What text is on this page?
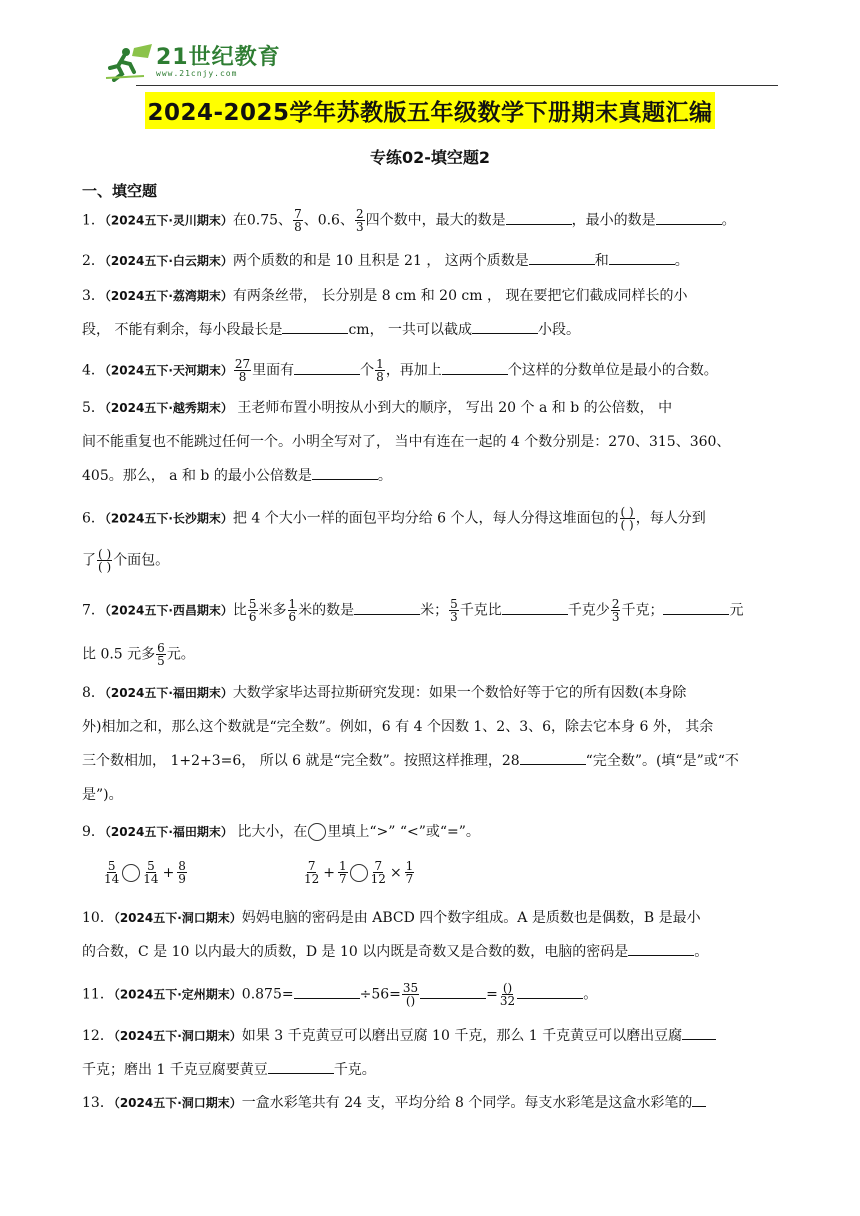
21世纪教育
www.21cnjy.com
2024-2025学年苏教版五年级数学下册期末真题汇编
专练02-填空题2
一、填空题
1．（2024五下·灵川期末）在0.75、 $\frac{7}{8}$ 、0.6、 $\frac{2}{3}$ 四个数中，最大的数是	，最小的数是	。
2．（2024五下·白云期末）两个质数的和是 10 且积是 21 ， 这两个质数是	和	。
3．（2024五下·荔湾期末）有两条丝带， 长分别是 8 cm 和 20 cm ， 现在要把它们截成同样长的小
段， 不能有剩余，每小段最长是	cm， 一共可以截成	小段。
4．（2024五下·天河期末） $\frac{27}{8}$ 里面有	个 $\frac{1}{8}$ ，再加上	个这样的分数单位是最小的合数。
5．（2024五下·越秀期末） 王老师布置小明按从小到大的顺序， 写出 20 个 a 和 b 的公倍数， 中
间不能重复也不能跳过任何一个。小明全写对了， 当中有连在一起的 4 个数分别是：270、315、360、
405。那么， a 和 b 的最小公倍数是	。
6．（2024五下·长沙期末）把 4 个大小一样的面包平均分给 6 个人，每人分得这堆面包的 $\frac{( )}{( )}$ ，每人分到
了 $\frac{( )}{( )}$ 个面包。
7．（2024五下·西昌期末）比 $\frac{5}{6}$ 米多 $\frac{1}{6}$ 米的数是	米； $\frac{5}{3}$ 千克比	千克少 $\frac{2}{3}$ 千克；	元
比 0.5 元多 $\frac{6}{5}$ 元。
8．（2024五下·福田期末）大数学家毕达哥拉斯研究发现：如果一个数恰好等于它的所有因数(本身除
外)相加之和，那么这个数就是“完全数”。例如，6 有 4 个因数 1、2、3、6，除去它本身 6 外， 其余
三个数相加， 1+2+3=6， 所以 6 就是“完全数”。按照这样推理，28	“完全数”。(填“是”或“不
是”)。
9．（2024五下·福田期末） 比大小，在 里填上“>” “<”或“=”。
$\frac{5}{14} \frac{5}{14} + \frac{8}{9}$	$\frac{7}{12} + \frac{1}{7} \frac{7}{12} \times \frac{1}{7}$
10．（2024五下·洞口期末）妈妈电脑的密码是由 ABCD 四个数字组成。A 是质数也是偶数，B 是最小
的合数，C 是 10 以内最大的质数，D 是 10 以内既是奇数又是合数的数，电脑的密码是	。
11．（2024五下·定州期末）0.875=	$\div 56= \frac{35}{()}$	= $\frac{()}{32}$	。
12．（2024五下·洞口期末）如果 3 千克黄豆可以磨出豆腐 10 千克，那么 1 千克黄豆可以磨出豆腐
千克；磨出 1 千克豆腐要黄豆	千克。
13．（2024五下·洞口期末）一盒水彩笔共有 24 支，平均分给 8 个同学。每支水彩笔是这盒水彩笔的
